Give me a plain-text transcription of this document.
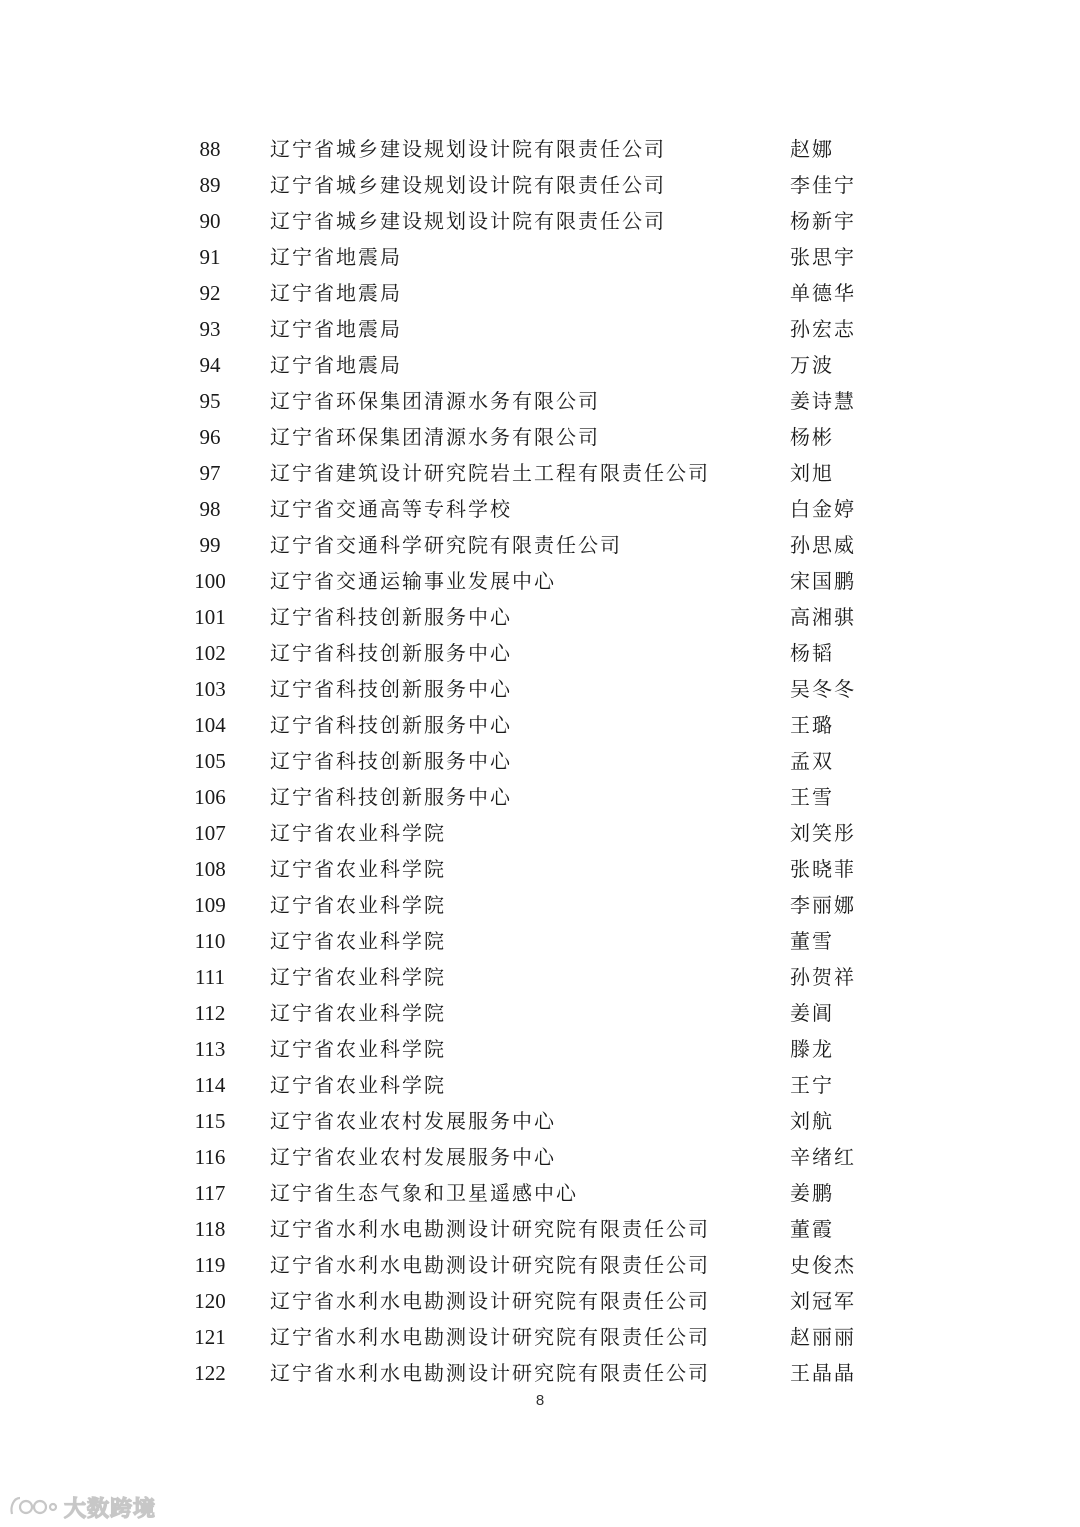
88	辽宁省城乡建设规划设计院有限责任公司	赵娜
89	辽宁省城乡建设规划设计院有限责任公司	李佳宁
90	辽宁省城乡建设规划设计院有限责任公司	杨新宇
91	辽宁省地震局	张思宇
92	辽宁省地震局	单德华
93	辽宁省地震局	孙宏志
94	辽宁省地震局	万波
95	辽宁省环保集团清源水务有限公司	姜诗慧
96	辽宁省环保集团清源水务有限公司	杨彬
97	辽宁省建筑设计研究院岩土工程有限责任公司	刘旭
98	辽宁省交通高等专科学校	白金婷
99	辽宁省交通科学研究院有限责任公司	孙思威
100	辽宁省交通运输事业发展中心	宋国鹏
101	辽宁省科技创新服务中心	高湘骐
102	辽宁省科技创新服务中心	杨韬
103	辽宁省科技创新服务中心	吴冬冬
104	辽宁省科技创新服务中心	王璐
105	辽宁省科技创新服务中心	孟双
106	辽宁省科技创新服务中心	王雪
107	辽宁省农业科学院	刘笑彤
108	辽宁省农业科学院	张晓菲
109	辽宁省农业科学院	李丽娜
110	辽宁省农业科学院	董雪
111	辽宁省农业科学院	孙贺祥
112	辽宁省农业科学院	姜阊
113	辽宁省农业科学院	滕龙
114	辽宁省农业科学院	王宁
115	辽宁省农业农村发展服务中心	刘航
116	辽宁省农业农村发展服务中心	辛绪红
117	辽宁省生态气象和卫星遥感中心	姜鹏
118	辽宁省水利水电勘测设计研究院有限责任公司	董霞
119	辽宁省水利水电勘测设计研究院有限责任公司	史俊杰
120	辽宁省水利水电勘测设计研究院有限责任公司	刘冠军
121	辽宁省水利水电勘测设计研究院有限责任公司	赵丽丽
122	辽宁省水利水电勘测设计研究院有限责任公司	王晶晶
8
大数跨境
